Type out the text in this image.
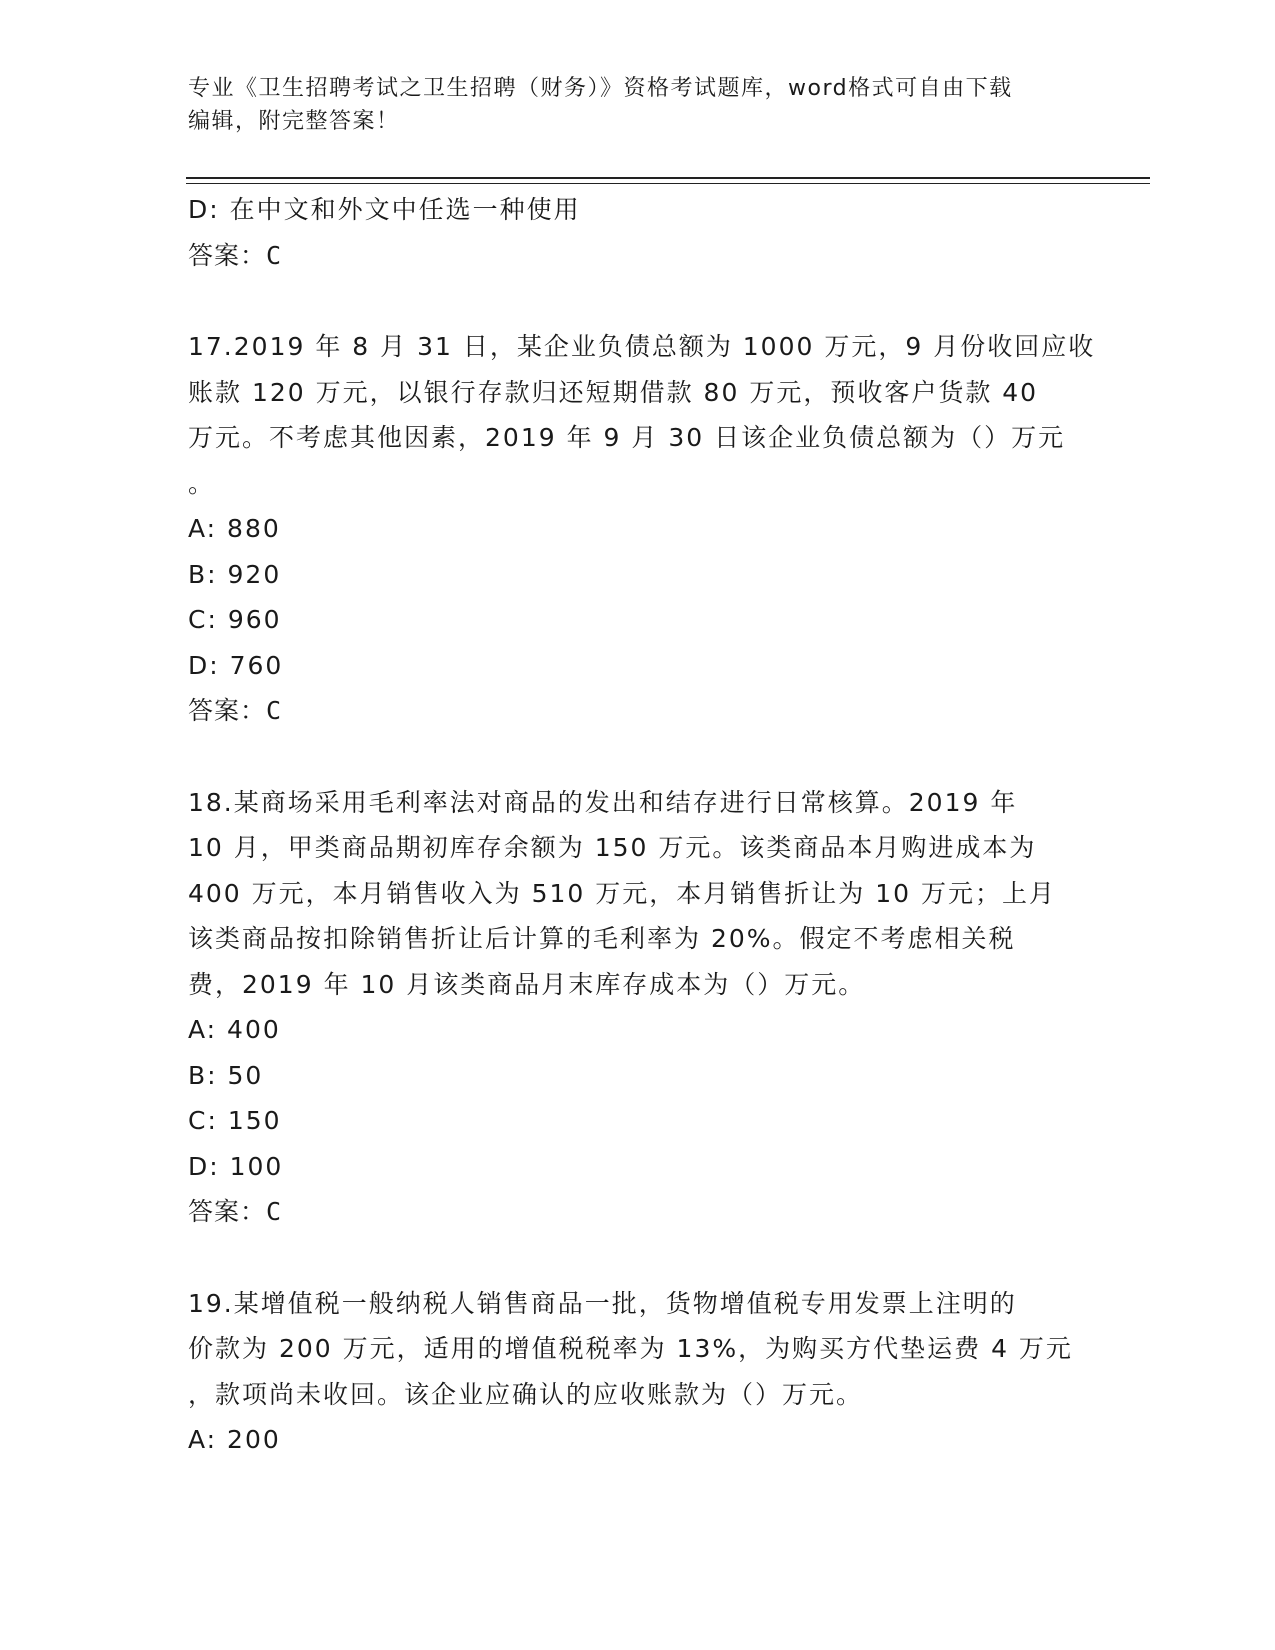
专业《卫生招聘考试之卫生招聘（财务）》资格考试题库，word格式可自由下载
编辑，附完整答案！
D: 在中文和外文中任选一种使用
答案：C
17.2019 年 8 月 31 日，某企业负债总额为 1000 万元，9 月份收回应收
账款 120 万元，以银行存款归还短期借款 80 万元，预收客户货款 40
万元。不考虑其他因素，2019 年 9 月 30 日该企业负债总额为（）万元
。
A: 880
B: 920
C: 960
D: 760
答案：C
18.某商场采用毛利率法对商品的发出和结存进行日常核算。2019 年
10 月，甲类商品期初库存余额为 150 万元。该类商品本月购进成本为
400 万元，本月销售收入为 510 万元，本月销售折让为 10 万元；上月
该类商品按扣除销售折让后计算的毛利率为 20%。假定不考虑相关税
费，2019 年 10 月该类商品月末库存成本为（）万元。
A: 400
B: 50
C: 150
D: 100
答案：C
19.某增值税一般纳税人销售商品一批，货物增值税专用发票上注明的
价款为 200 万元，适用的增值税税率为 13%，为购买方代垫运费 4 万元
，款项尚未收回。该企业应确认的应收账款为（）万元。
A: 200
